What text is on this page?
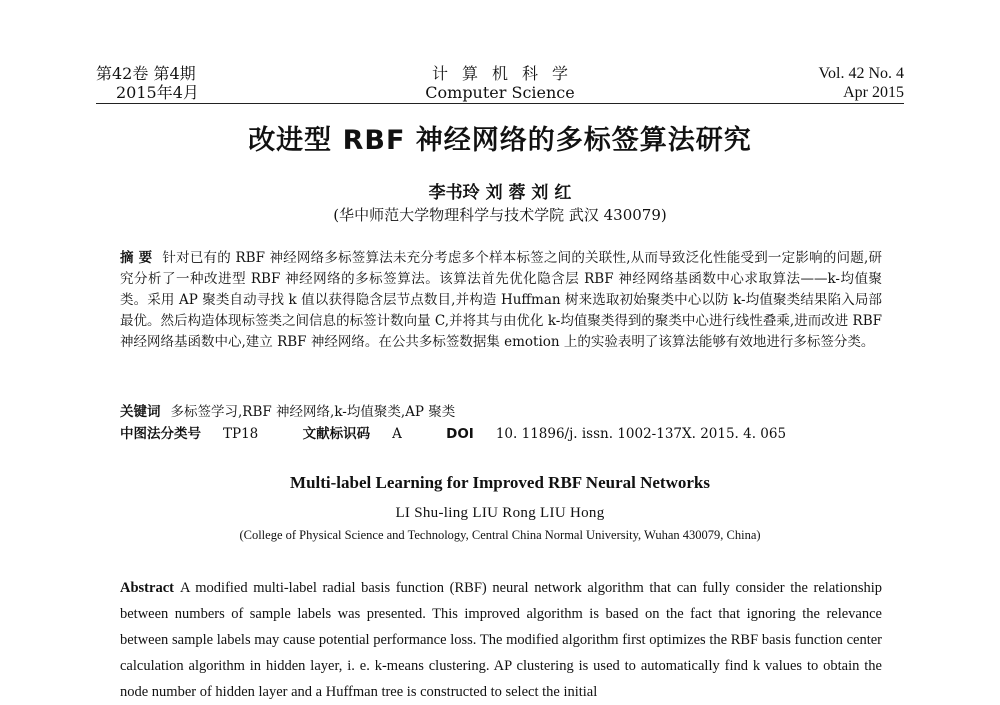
第42卷 第4期
2015年4月
计算机科学
Computer Science
Vol. 42 No. 4
Apr 2015
改进型 RBF 神经网络的多标签算法研究
李书玲 刘 蓉 刘 红
(华中师范大学物理科学与技术学院 武汉 430079)

摘 要 针对已有的 RBF 神经网络多标签算法未充分考虑多个样本标签之间的关联性,从而导致泛化性能受到一定影响的问题,研究分析了一种改进型 RBF 神经网络的多标签算法。该算法首先优化隐含层 RBF 神经网络基函数中心求取算法——k-均值聚类。采用 AP 聚类自动寻找 k 值以获得隐含层节点数目,并构造 Huffman 树来选取初始聚类中心以防 k-均值聚类结果陷入局部最优。然后构造体现标签类之间信息的标签计数向量 C,并将其与由优化 k-均值聚类得到的聚类中心进行线性叠乘,进而改进 RBF 神经网络基函数中心,建立 RBF 神经网络。在公共多标签数据集 emotion 上的实验表明了该算法能够有效地进行多标签分类。

关键词 多标签学习,RBF 神经网络,k-均值聚类,AP 聚类
中图法分类号 TP18	文献标识码 A	DOI 10. 11896/j. issn. 1002-137X. 2015. 4. 065
Multi-label Learning for Improved RBF Neural Networks
LI Shu-ling LIU Rong LIU Hong
(College of Physical Science and Technology, Central China Normal University, Wuhan 430079, China)
Abstract A modified multi-label radial basis function (RBF) neural network algorithm that can fully consider the relationship between numbers of sample labels was presented. This improved algorithm is based on the fact that ignoring the relevance between sample labels may cause potential performance loss. The modified algorithm first optimizes the RBF basis function center calculation algorithm in hidden layer, i. e. k-means clustering. AP clustering is used to automatically find k values to obtain the node number of hidden layer and a Huffman tree is constructed to select the initial
